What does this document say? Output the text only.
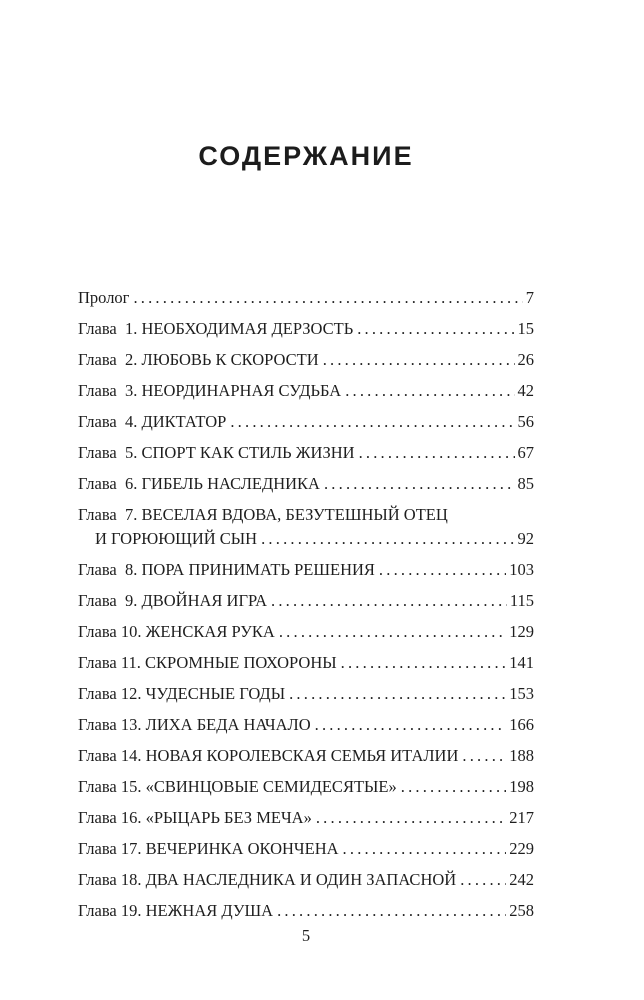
СОДЕРЖАНИЕ
Пролог .....	7
Глава  1. НЕОБХОДИМАЯ ДЕРЗОСТЬ .....	15
Глава  2. ЛЮБОВЬ К СКОРОСТИ .....	26
Глава  3. НЕОРДИНАРНАЯ СУДЬБА .....	42
Глава  4. ДИКТАТОР .....	56
Глава  5. СПОРТ КАК СТИЛЬ ЖИЗНИ .....	67
Глава  6. ГИБЕЛЬ НАСЛЕДНИКА .....	85
Глава  7. ВЕСЕЛАЯ ВДОВА, БЕЗУТЕШНЫЙ ОТЕЦ
И ГОРЮЮЩИЙ СЫН .....	92
Глава  8. ПОРА ПРИНИМАТЬ РЕШЕНИЯ .....	103
Глава  9. ДВОЙНАЯ ИГРА .....	115
Глава 10. ЖЕНСКАЯ РУКА .....	129
Глава 11. СКРОМНЫЕ ПОХОРОНЫ .....	141
Глава 12. ЧУДЕСНЫЕ ГОДЫ .....	153
Глава 13. ЛИХА БЕДА НАЧАЛО .....	166
Глава 14. НОВАЯ КОРОЛЕВСКАЯ СЕМЬЯ ИТАЛИИ .....	188
Глава 15. «СВИНЦОВЫЕ СЕМИДЕСЯТЫЕ» .....	198
Глава 16. «РЫЦАРЬ БЕЗ МЕЧА» .....	217
Глава 17. ВЕЧЕРИНКА ОКОНЧЕНА .....	229
Глава 18. ДВА НАСЛЕДНИКА И ОДИН ЗАПАСНОЙ .....	242
Глава 19. НЕЖНАЯ ДУША .....	258
5
